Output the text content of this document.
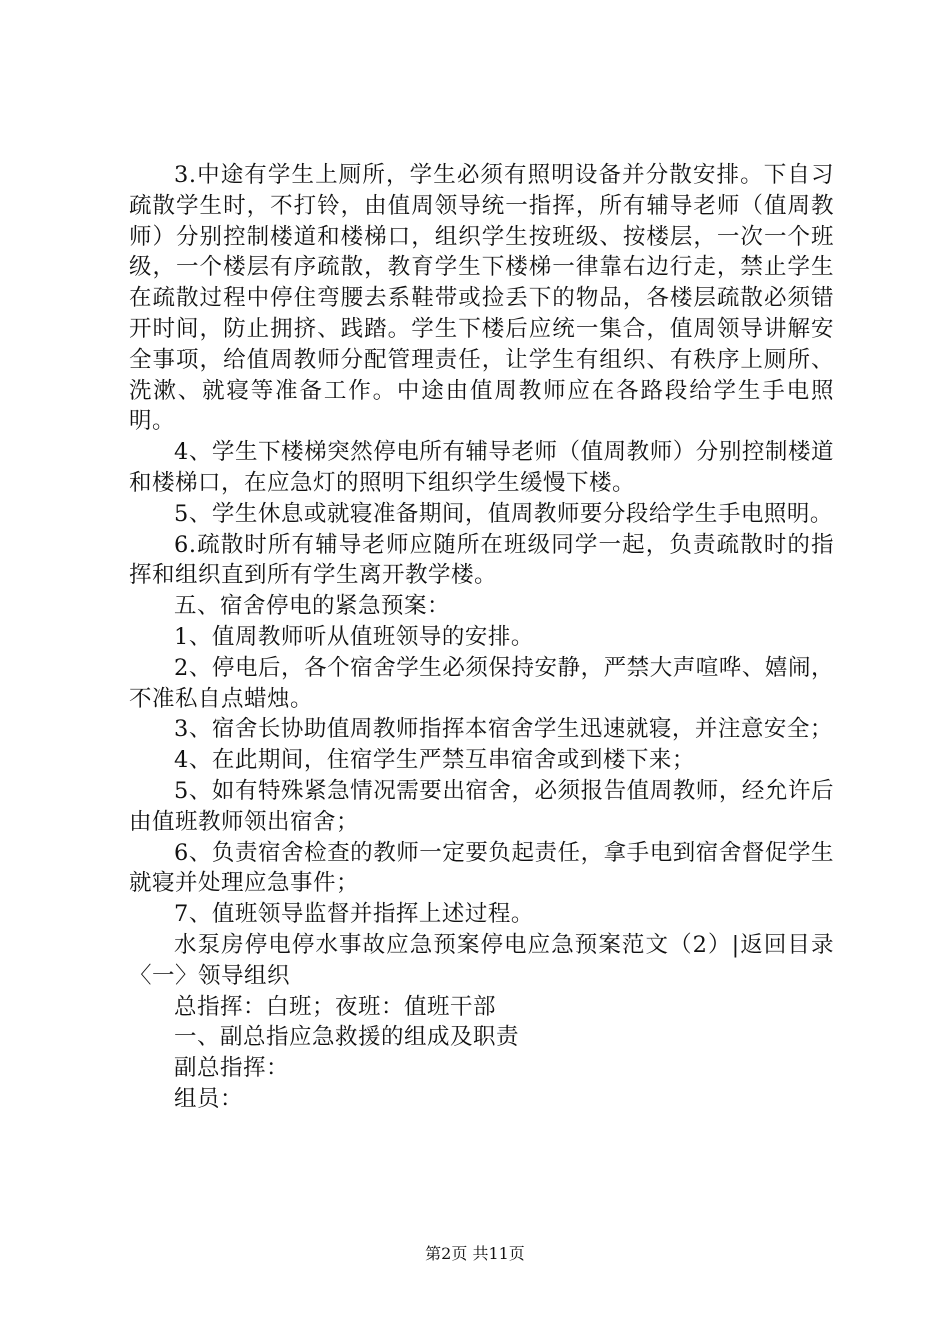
3.中途有学生上厕所，学生必须有照明设备并分散安排。下自习疏散学生时，不打铃，由值周领导统一指挥，所有辅导老师（值周教师）分别控制楼道和楼梯口，组织学生按班级、按楼层，一次一个班级，一个楼层有序疏散，教育学生下楼梯一律靠右边行走，禁止学生在疏散过程中停住弯腰去系鞋带或捡丢下的物品，各楼层疏散必须错开时间，防止拥挤、践踏。学生下楼后应统一集合，值周领导讲解安全事项，给值周教师分配管理责任，让学生有组织、有秩序上厕所、洗漱、就寝等准备工作。中途由值周教师应在各路段给学生手电照明。

4、学生下楼梯突然停电所有辅导老师（值周教师）分别控制楼道和楼梯口，在应急灯的照明下组织学生缓慢下楼。

5、学生休息或就寝准备期间，值周教师要分段给学生手电照明。

6.疏散时所有辅导老师应随所在班级同学一起，负责疏散时的指挥和组织直到所有学生离开教学楼。

五、宿舍停电的紧急预案：

1、值周教师听从值班领导的安排。

2、停电后，各个宿舍学生必须保持安静，严禁大声喧哗、嬉闹，不准私自点蜡烛。

3、宿舍长协助值周教师指挥本宿舍学生迅速就寝，并注意安全；

4、在此期间，住宿学生严禁互串宿舍或到楼下来；

5、如有特殊紧急情况需要出宿舍，必须报告值周教师，经允许后由值班教师领出宿舍；

6、负责宿舍检查的教师一定要负起责任，拿手电到宿舍督促学生就寝并处理应急事件；

7、值班领导监督并指挥上述过程。

水泵房停电停水事故应急预案停电应急预案范文（2）|返回目录〈一〉领导组织

总指挥：白班；夜班：值班干部

一、副总指应急救援的组成及职责

副总指挥：

组员：

第2页 共11页
